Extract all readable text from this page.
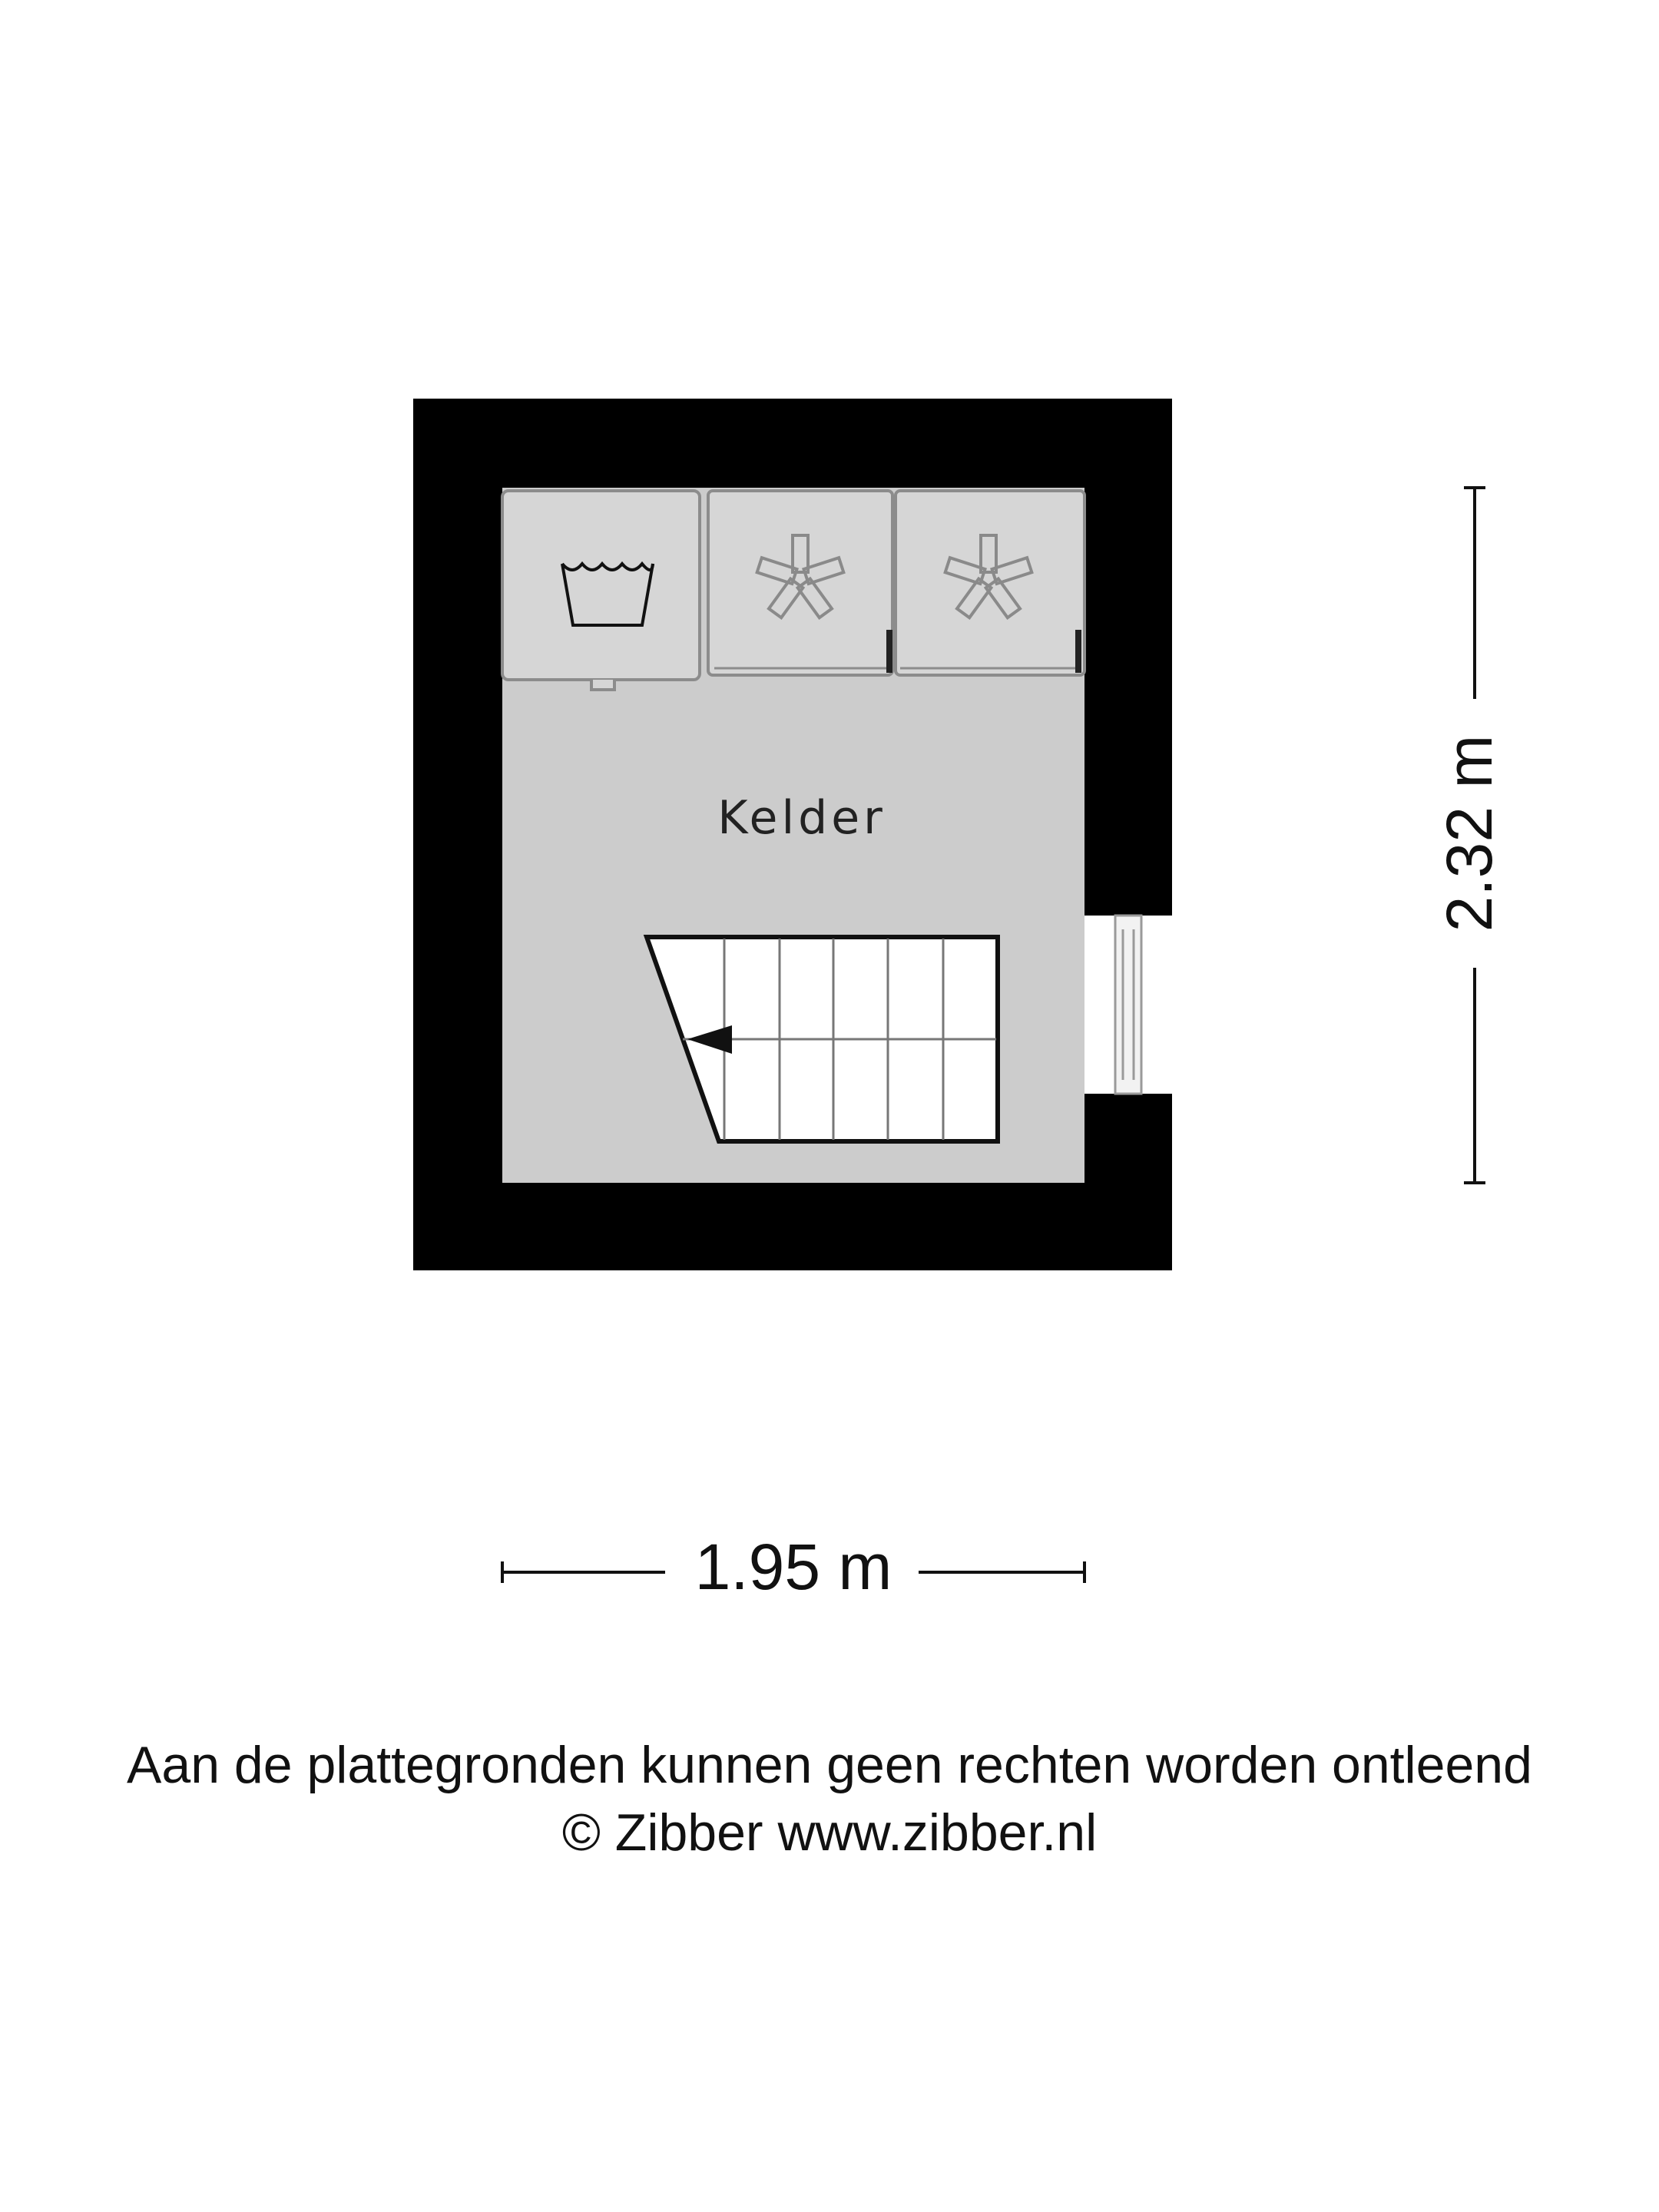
Kelder	2.32 m
1.95 m
Aan de plattegronden kunnen geen rechten worden ontleend
© Zibber www.zibber.nl
